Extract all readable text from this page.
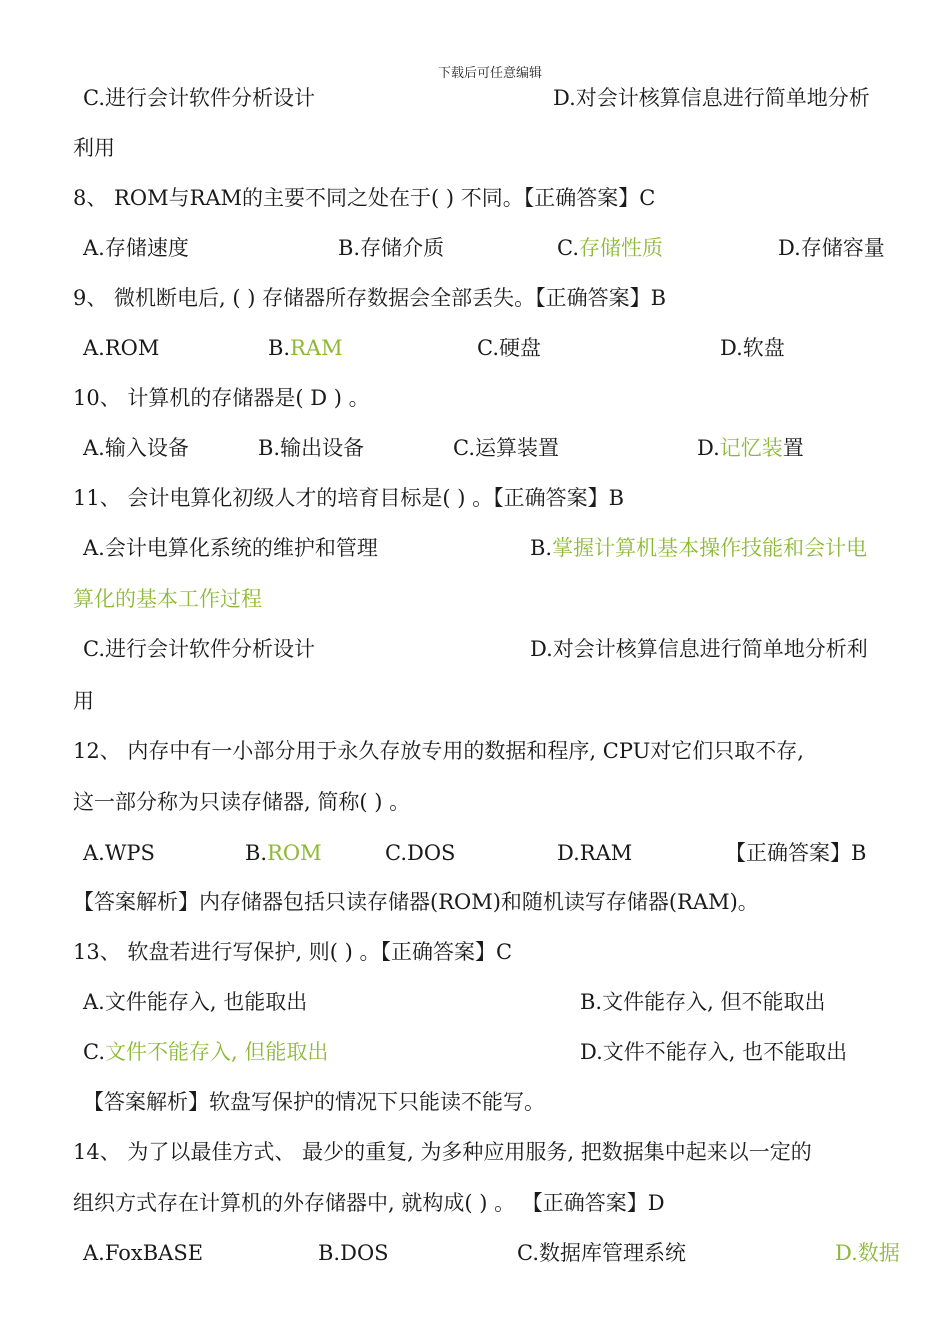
下载后可任意编辑
C.进行会计软件分析设计	D.对会计核算信息进行简单地分析
利用
8、 ROM与RAM的主要不同之处在于( ) 不同。【正确答案】C
A.存储速度	B.存储介质	C.存储性质	D.存储容量
9、 微机断电后, ( ) 存储器所存数据会全部丢失。【正确答案】B
A.ROM	B.RAM	C.硬盘	D.软盘
10、 计算机的存储器是( D ) 。
A.输入设备	B.输出设备	C.运算装置	D.记忆装置
11、 会计电算化初级人才的培育目标是( ) 。【正确答案】B
A.会计电算化系统的维护和管理	B.掌握计算机基本操作技能和会计电
算化的基本工作过程
C.进行会计软件分析设计	D.对会计核算信息进行简单地分析利
用
12、 内存中有一小部分用于永久存放专用的数据和程序, CPU对它们只取不存,
这一部分称为只读存储器, 简称( ) 。
A.WPS	B.ROM	C.DOS	D.RAM	【正确答案】B
【答案解析】内存储器包括只读存储器(ROM)和随机读写存储器(RAM)。
13、 软盘若进行写保护, 则( ) 。【正确答案】C
A.文件能存入, 也能取出	B.文件能存入, 但不能取出
C.文件不能存入, 但能取出	D.文件不能存入, 也不能取出
【答案解析】软盘写保护的情况下只能读不能写。
14、 为了以最佳方式、 最少的重复, 为多种应用服务, 把数据集中起来以一定的
组织方式存在计算机的外存储器中, 就构成( ) 。 【正确答案】D
A.FoxBASE	B.DOS	C.数据库管理系统	D.数据
